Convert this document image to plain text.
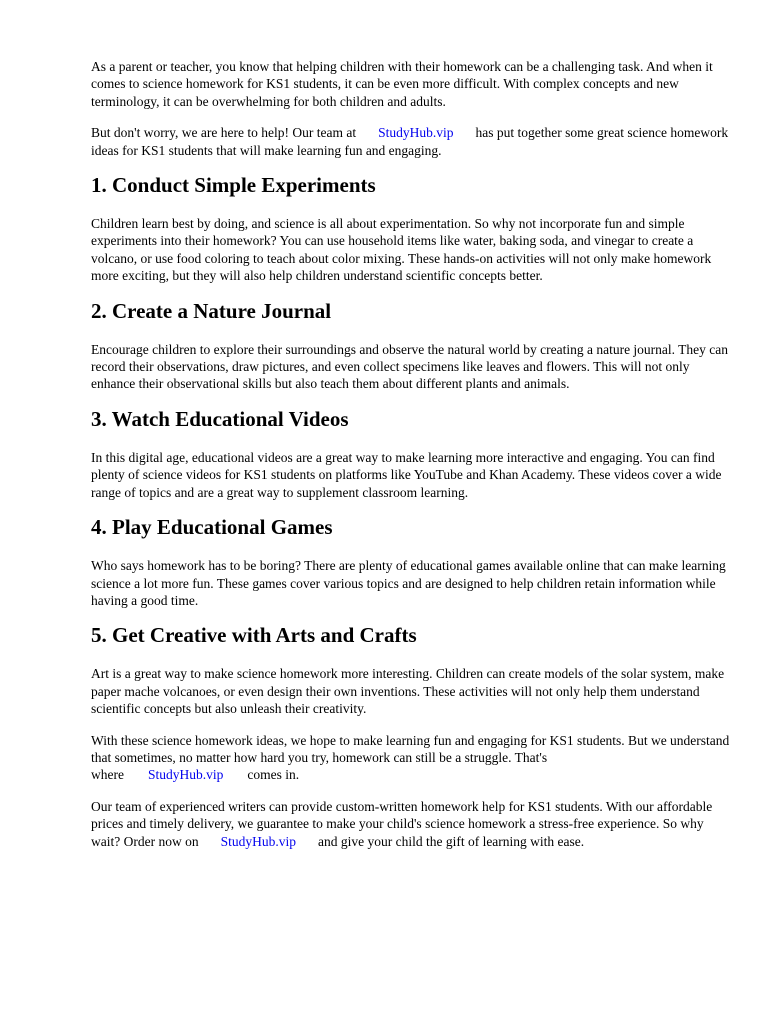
As a parent or teacher, you know that helping children with their homework can be a challenging task. And when it comes to science homework for KS1 students, it can be even more difficult. With complex concepts and new terminology, it can be overwhelming for both children and adults.

But don't worry, we are here to help! Our team at StudyHub.vip has put together some great science homework ideas for KS1 students that will make learning fun and engaging.

1. Conduct Simple Experiments

Children learn best by doing, and science is all about experimentation. So why not incorporate fun and simple experiments into their homework? You can use household items like water, baking soda, and vinegar to create a volcano, or use food coloring to teach about color mixing. These hands-on activities will not only make homework more exciting, but they will also help children understand scientific concepts better.

2. Create a Nature Journal

Encourage children to explore their surroundings and observe the natural world by creating a nature journal. They can record their observations, draw pictures, and even collect specimens like leaves and flowers. This will not only enhance their observational skills but also teach them about different plants and animals.

3. Watch Educational Videos

In this digital age, educational videos are a great way to make learning more interactive and engaging. You can find plenty of science videos for KS1 students on platforms like YouTube and Khan Academy. These videos cover a wide range of topics and are a great way to supplement classroom learning.

4. Play Educational Games

Who says homework has to be boring? There are plenty of educational games available online that can make learning science a lot more fun. These games cover various topics and are designed to help children retain information while having a good time.

5. Get Creative with Arts and Crafts

Art is a great way to make science homework more interesting. Children can create models of the solar system, make paper mache volcanoes, or even design their own inventions. These activities will not only help them understand scientific concepts but also unleash their creativity.

With these science homework ideas, we hope to make learning fun and engaging for KS1 students. But we understand that sometimes, no matter how hard you try, homework can still be a struggle. That's where StudyHub.vip comes in.

Our team of experienced writers can provide custom-written homework help for KS1 students. With our affordable prices and timely delivery, we guarantee to make your child's science homework a stress-free experience. So why wait? Order now on StudyHub.vip and give your child the gift of learning with ease.
